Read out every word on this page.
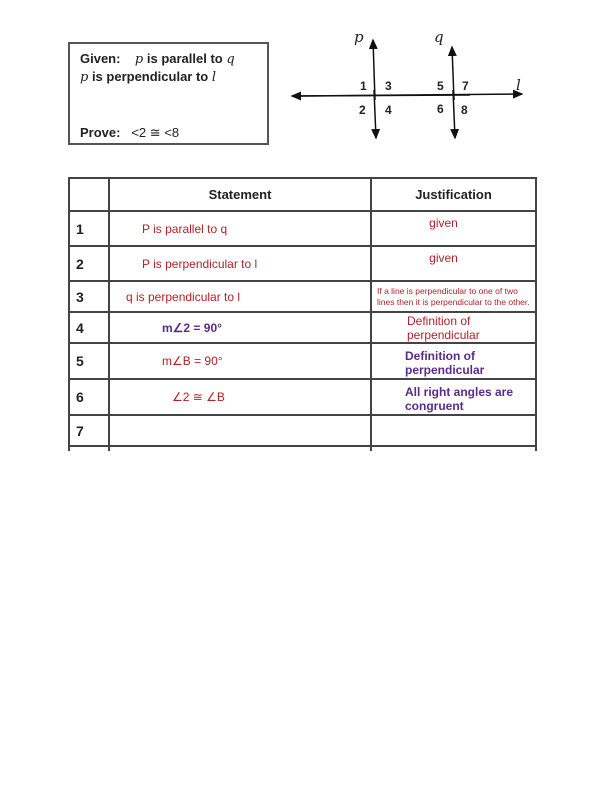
Given: p is parallel to q
p is perpendicular to l
Prove: <2 ≅ <8
p	q
l
1
2
3
4
5
6
7
8
	Statement	Justification
1	P is parallel to q	given
2	P is perpendicular to l	given
3	q is perpendicular to l	If a line is perpendicular to one of two lines then it is perpendicular to the other.
4	m∠2 = 90°	Definition of perpendicular
5	m∠B = 90°	Definition of perpendicular
6	∠2 ≅ ∠B	All right angles are congruent
7		
